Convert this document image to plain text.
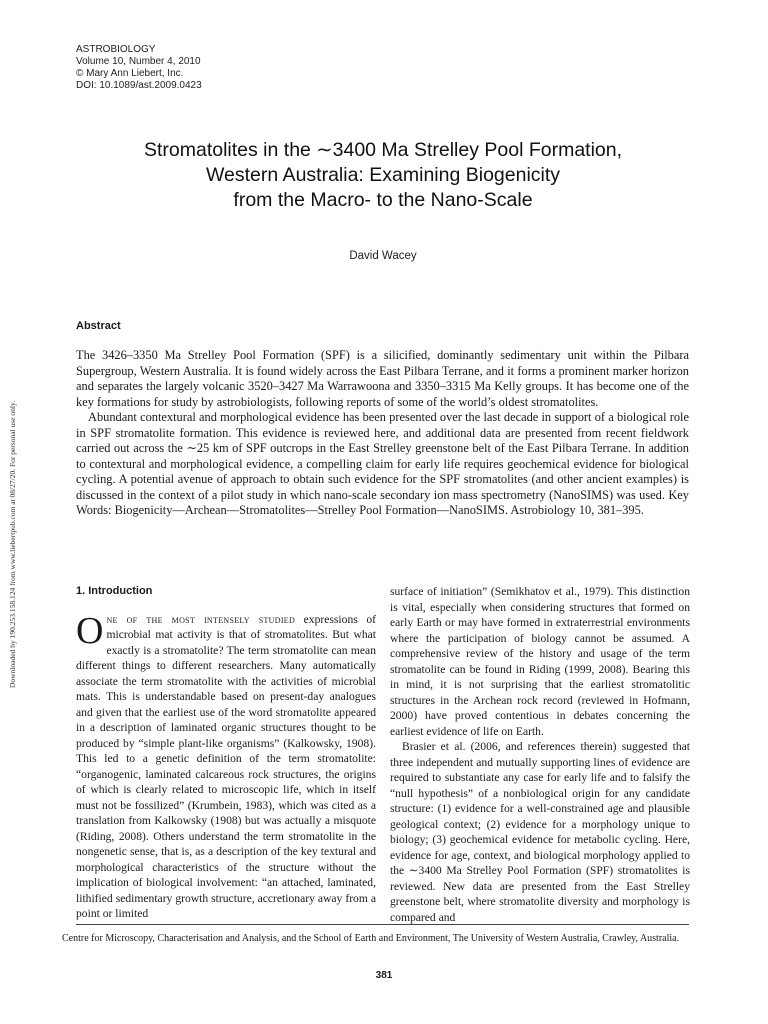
ASTROBIOLOGY
Volume 10, Number 4, 2010
© Mary Ann Liebert, Inc.
DOI: 10.1089/ast.2009.0423
Downloaded by 190.253.158.124 from www.liebertpub.com at 08/27/20. For personal use only.
Stromatolites in the ∼3400 Ma Strelley Pool Formation,
Western Australia: Examining Biogenicity
from the Macro- to the Nano-Scale
David Wacey
Abstract

The 3426–3350 Ma Strelley Pool Formation (SPF) is a silicified, dominantly sedimentary unit within the Pilbara Supergroup, Western Australia. It is found widely across the East Pilbara Terrane, and it forms a prominent marker horizon and separates the largely volcanic 3520–3427 Ma Warrawoona and 3350–3315 Ma Kelly groups. It has become one of the key formations for study by astrobiologists, following reports of some of the world’s oldest stromatolites.

Abundant contextural and morphological evidence has been presented over the last decade in support of a biological role in SPF stromatolite formation. This evidence is reviewed here, and additional data are presented from recent fieldwork carried out across the ∼25 km of SPF outcrops in the East Strelley greenstone belt of the East Pilbara Terrane. In addition to contextural and morphological evidence, a compelling claim for early life requires geochemical evidence for biological cycling. A potential avenue of approach to obtain such evidence for the SPF stromatolites (and other ancient examples) is discussed in the context of a pilot study in which nano-scale secondary ion mass spectrometry (NanoSIMS) was used. Key Words: Biogenicity—Archean—Stromatolites—Strelley Pool Formation—NanoSIMS. Astrobiology 10, 381–395.

1. Introduction

One of the most intensely studied expressions of microbial mat activity is that of stromatolites. But what exactly is a stromatolite? The term stromatolite can mean different things to different researchers. Many automatically associate the term stromatolite with the activities of microbial mats. This is understandable based on present-day analogues and given that the earliest use of the word stromatolite appeared in a description of laminated organic structures thought to be produced by “simple plant-like organisms” (Kalkowsky, 1908). This led to a genetic definition of the term stromatolite: “organogenic, laminated calcareous rock structures, the origins of which is clearly related to microscopic life, which in itself must not be fossilized” (Krumbein, 1983), which was cited as a translation from Kalkowsky (1908) but was actually a misquote (Riding, 2008). Others understand the term stromatolite in the nongenetic sense, that is, as a description of the key textural and morphological characteristics of the structure without the implication of biological involvement: “an attached, laminated, lithified sedimentary growth structure, accretionary away from a point or limited

surface of initiation” (Semikhatov et al., 1979). This distinction is vital, especially when considering structures that formed on early Earth or may have formed in extraterrestrial environments where the participation of biology cannot be assumed. A comprehensive review of the history and usage of the term stromatolite can be found in Riding (1999, 2008). Bearing this in mind, it is not surprising that the earliest stromatolitic structures in the Archean rock record (reviewed in Hofmann, 2000) have proved contentious in debates concerning the earliest evidence of life on Earth.

Brasier et al. (2006, and references therein) suggested that three independent and mutually supporting lines of evidence are required to substantiate any case for early life and to falsify the “null hypothesis” of a nonbiological origin for any candidate structure: (1) evidence for a well-constrained age and plausible geological context; (2) evidence for a morphology unique to biology; (3) geochemical evidence for metabolic cycling. Here, evidence for age, context, and biological morphology applied to the ∼3400 Ma Strelley Pool Formation (SPF) stromatolites is reviewed. New data are presented from the East Strelley greenstone belt, where stromatolite diversity and morphology is compared and

Centre for Microscopy, Characterisation and Analysis, and the School of Earth and Environment, The University of Western Australia, Crawley, Australia.
381
